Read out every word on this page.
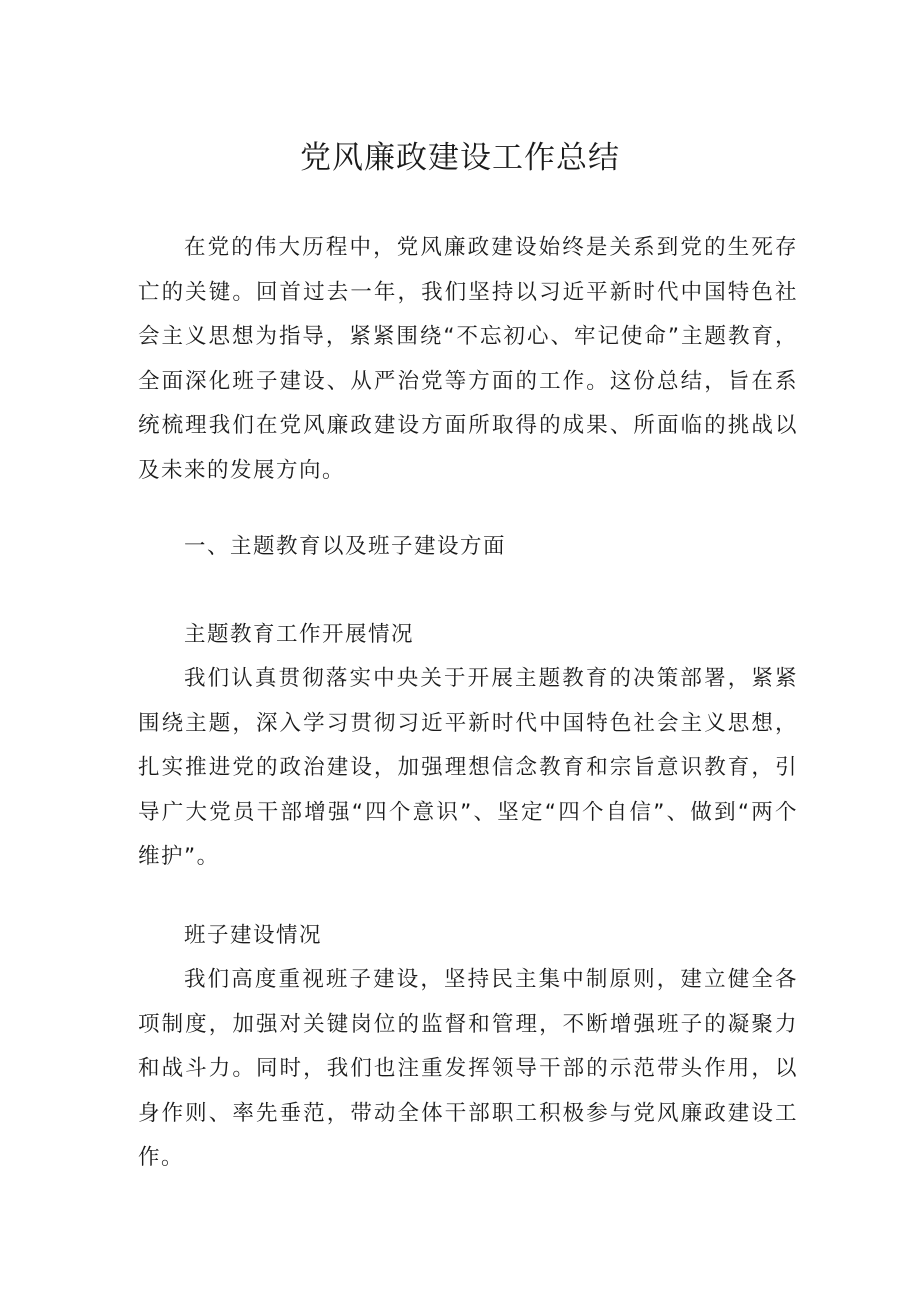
党风廉政建设工作总结

在党的伟大历程中，党风廉政建设始终是关系到党的生死存亡的关键。回首过去一年，我们坚持以习近平新时代中国特色社会主义思想为指导，紧紧围绕“不忘初心、牢记使命”主题教育，全面深化班子建设、从严治党等方面的工作。这份总结，旨在系统梳理我们在党风廉政建设方面所取得的成果、所面临的挑战以及未来的发展方向。

一、主题教育以及班子建设方面

主题教育工作开展情况

我们认真贯彻落实中央关于开展主题教育的决策部署，紧紧围绕主题，深入学习贯彻习近平新时代中国特色社会主义思想，扎实推进党的政治建设，加强理想信念教育和宗旨意识教育，引导广大党员干部增强“四个意识”、坚定“四个自信”、做到“两个维护”。

班子建设情况

我们高度重视班子建设，坚持民主集中制原则，建立健全各项制度，加强对关键岗位的监督和管理，不断增强班子的凝聚力和战斗力。同时，我们也注重发挥领导干部的示范带头作用，以身作则、率先垂范，带动全体干部职工积极参与党风廉政建设工作。
